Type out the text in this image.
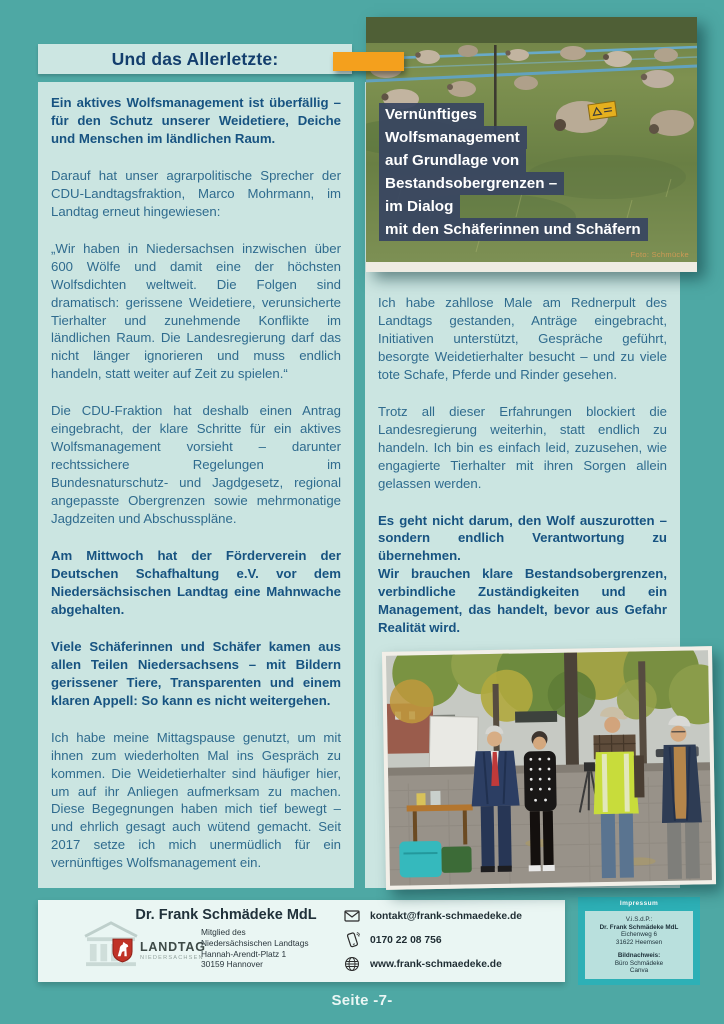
Und das Allerletzte:

Ein aktives Wolfsmanagement ist überfällig – für den Schutz unserer Weidetiere, Deiche und Menschen im ländlichen Raum.

Darauf hat unser agrarpolitische Sprecher der CDU-Landtagsfraktion, Marco Mohrmann, im Landtag erneut hingewiesen:

„Wir haben in Niedersachsen inzwischen über 600 Wölfe und damit eine der höchsten Wolfsdichten weltweit. Die Folgen sind dramatisch: gerissene Weidetiere, verunsicherte Tierhalter und zunehmende Konflikte im ländlichen Raum. Die Landesregierung darf das nicht länger ignorieren und muss endlich handeln, statt weiter auf Zeit zu spielen.“

Die CDU-Fraktion hat deshalb einen Antrag eingebracht, der klare Schritte für ein aktives Wolfsmanagement vorsieht – darunter rechtssichere Regelungen im Bundesnaturschutz- und Jagdgesetz, regional angepasste Obergrenzen sowie mehrmonatige Jagdzeiten und Abschusspläne.

Am Mittwoch hat der Förderverein der Deutschen Schafhaltung e.V. vor dem Niedersächsischen Landtag eine Mahnwache abgehalten.

Viele Schäferinnen und Schäfer kamen aus allen Teilen Niedersachsens – mit Bildern gerissener Tiere, Transparenten und einem klaren Appell: So kann es nicht weitergehen.

Ich habe meine Mittagspause genutzt, um mit ihnen zum wiederholten Mal ins Gespräch zu kommen. Die Weidetierhalter sind häufiger hier, um auf ihr Anliegen aufmerksam zu machen. Diese Begegnungen haben mich tief bewegt – und ehrlich gesagt auch wütend gemacht. Seit 2017 setze ich mich unermüdlich für ein vernünftiges Wolfsmanagement ein.

Ich habe zahllose Male am Rednerpult des Landtags gestanden, Anträge eingebracht, Initiativen unterstützt, Gespräche geführt, besorgte Weidetierhalter besucht – und zu viele tote Schafe, Pferde und Rinder gesehen.

Trotz all dieser Erfahrungen blockiert die Landesregierung weiterhin, statt endlich zu handeln. Ich bin es einfach leid, zuzusehen, wie engagierte Tierhalter mit ihren Sorgen allein gelassen werden.

Es geht nicht darum, den Wolf auszurotten – sondern endlich Verantwortung zu übernehmen.

Wir brauchen klare Bestandsobergrenzen, verbindliche Zuständigkeiten und ein Management, das handelt, bevor aus Gefahr Realität wird.

Vernünftiges
Wolfsmanagement
auf Grundlage von
Bestandsobergrenzen –
im Dialog
mit den Schäferinnen und Schäfern
Foto: Schmücke
LANDTAG
NIEDERSACHSEN
Dr. Frank Schmädeke MdL
Mitglied des
Niedersächsischen Landtags
Hannah-Arendt-Platz 1
30159 Hannover
kontakt@frank-schmaedeke.de
0170 22 08 756
www.frank-schmaedeke.de
Impressum
V.i.S.d.P.:
Dr. Frank Schmädeke MdL
Eichenweg 6
31622 Heemsen
Bildnachweis:
Büro Schmädeke
Canva
Seite -7-
